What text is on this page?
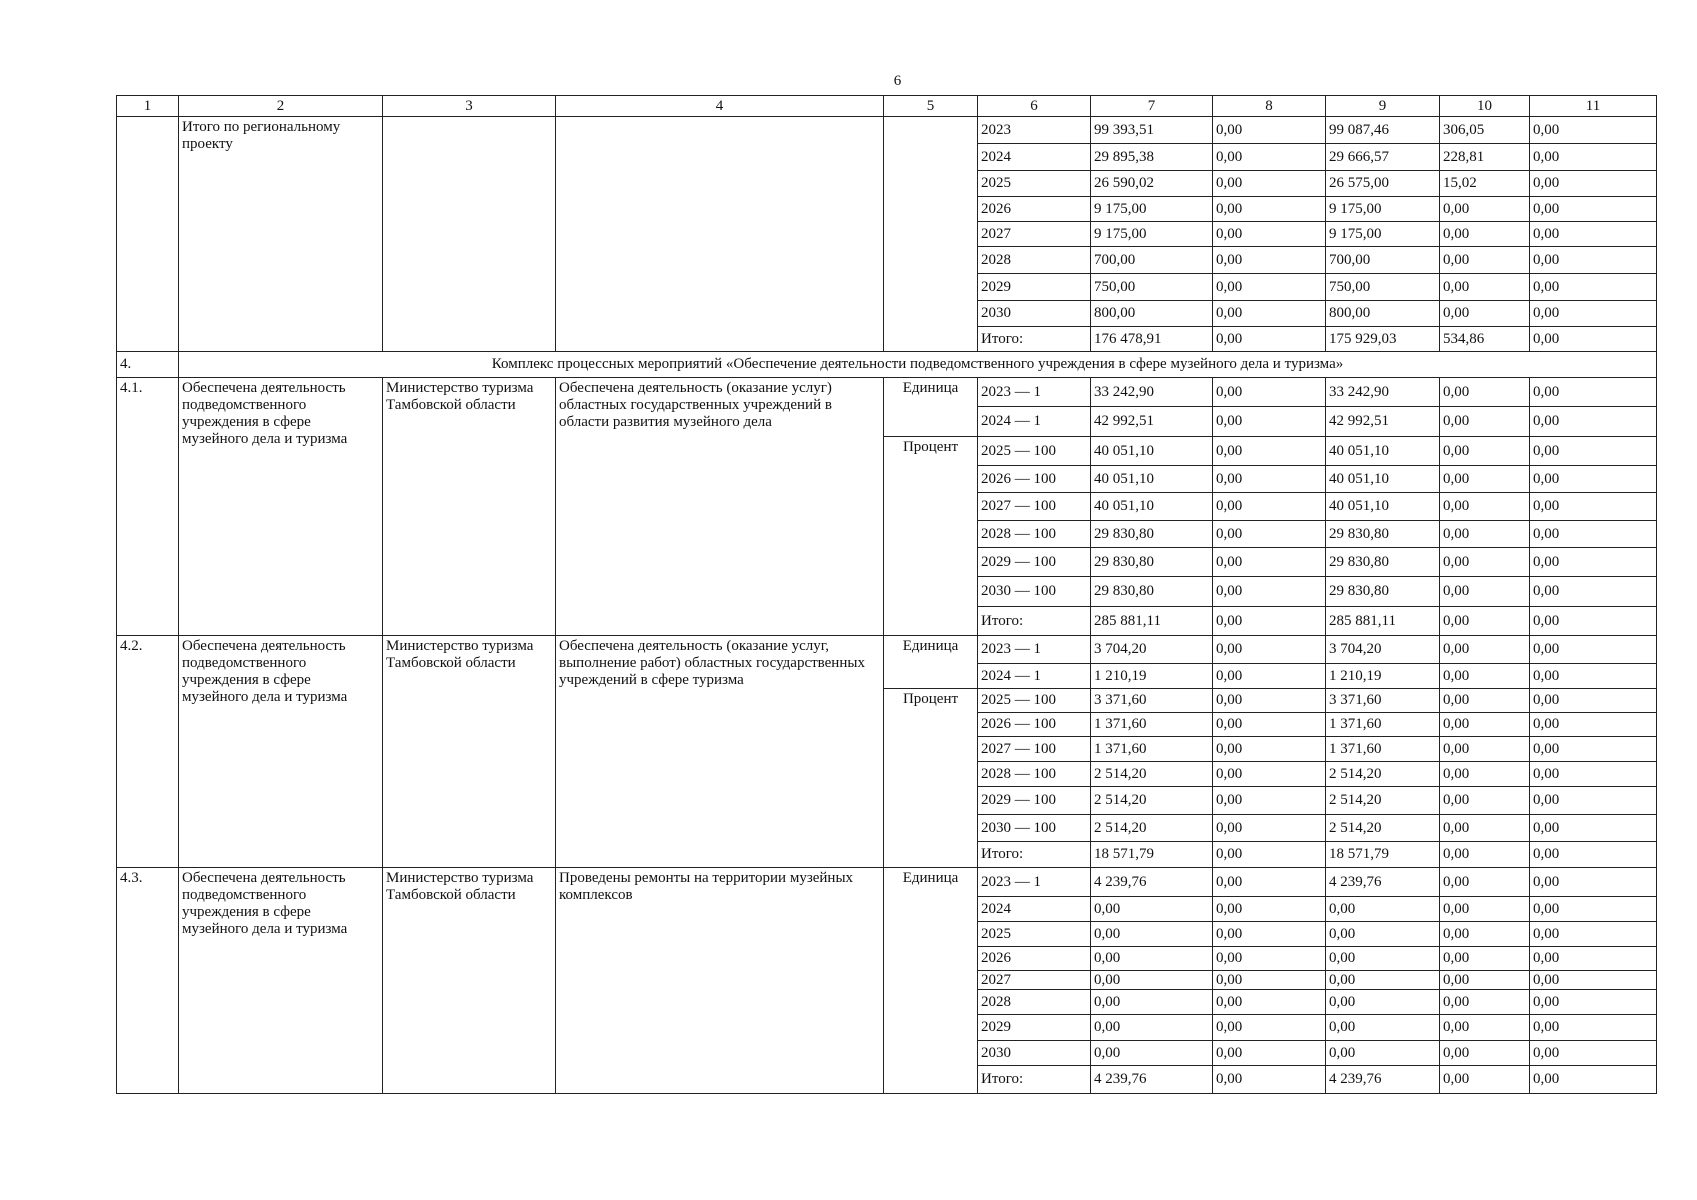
6
1	2	3	4	5	6	7	8	9	10	11
	Итого по региональному проекту				2023	99 393,51	0,00	99 087,46	306,05	0,00
					2024	29 895,38	0,00	29 666,57	228,81	0,00
					2025	26 590,02	0,00	26 575,00	15,02	0,00
					2026	9 175,00	0,00	9 175,00	0,00	0,00
					2027	9 175,00	0,00	9 175,00	0,00	0,00
					2028	700,00	0,00	700,00	0,00	0,00
					2029	750,00	0,00	750,00	0,00	0,00
					2030	800,00	0,00	800,00	0,00	0,00
					Итого:	176 478,91	0,00	175 929,03	534,86	0,00
4.	Комплекс процессных мероприятий «Обеспечение деятельности подведомственного учреждения в сфере музейного дела и туризма»									
4.1.	Обеспечена деятельность подведомственного учреждения в сфере музейного дела и туризма	Министерство туризма Тамбовской области	Обеспечена деятельность (оказание услуг) областных государственных учреждений в области развития музейного дела	Единица	2023 — 1	33 242,90	0,00	33 242,90	0,00	0,00
					2024 — 1	42 992,51	0,00	42 992,51	0,00	0,00
				Процент	2025 — 100	40 051,10	0,00	40 051,10	0,00	0,00
					2026 — 100	40 051,10	0,00	40 051,10	0,00	0,00
					2027 — 100	40 051,10	0,00	40 051,10	0,00	0,00
					2028 — 100	29 830,80	0,00	29 830,80	0,00	0,00
					2029 — 100	29 830,80	0,00	29 830,80	0,00	0,00
					2030 — 100	29 830,80	0,00	29 830,80	0,00	0,00
					Итого:	285 881,11	0,00	285 881,11	0,00	0,00
4.2.	Обеспечена деятельность подведомственного учреждения в сфере музейного дела и туризма	Министерство туризма Тамбовской области	Обеспечена деятельность (оказание услуг, выполнение работ) областных государственных учреждений в сфере туризма	Единица	2023 — 1	3 704,20	0,00	3 704,20	0,00	0,00
					2024 — 1	1 210,19	0,00	1 210,19	0,00	0,00
				Процент	2025 — 100	3 371,60	0,00	3 371,60	0,00	0,00
					2026 — 100	1 371,60	0,00	1 371,60	0,00	0,00
					2027 — 100	1 371,60	0,00	1 371,60	0,00	0,00
					2028 — 100	2 514,20	0,00	2 514,20	0,00	0,00
					2029 — 100	2 514,20	0,00	2 514,20	0,00	0,00
					2030 — 100	2 514,20	0,00	2 514,20	0,00	0,00
					Итого:	18 571,79	0,00	18 571,79	0,00	0,00
4.3.	Обеспечена деятельность подведомственного учреждения в сфере музейного дела и туризма	Министерство туризма Тамбовской области	Проведены ремонты на территории музейных комплексов	Единица	2023 — 1	4 239,76	0,00	4 239,76	0,00	0,00
					2024	0,00	0,00	0,00	0,00	0,00
					2025	0,00	0,00	0,00	0,00	0,00
					2026	0,00	0,00	0,00	0,00	0,00
					2027	0,00	0,00	0,00	0,00	0,00
					2028	0,00	0,00	0,00	0,00	0,00
					2029	0,00	0,00	0,00	0,00	0,00
					2030	0,00	0,00	0,00	0,00	0,00
					Итого:	4 239,76	0,00	4 239,76	0,00	0,00
